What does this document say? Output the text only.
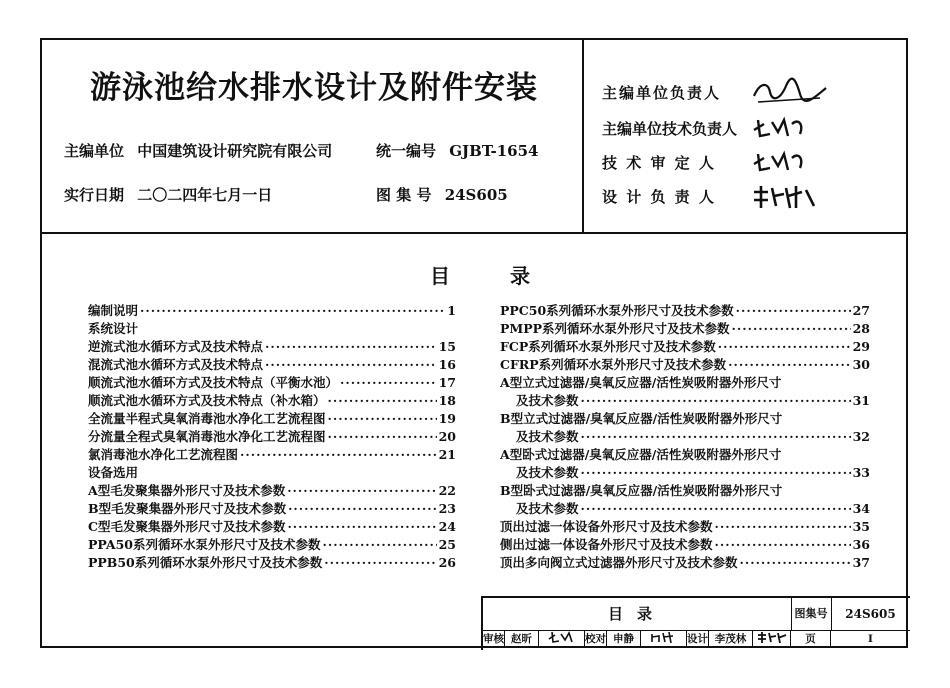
游泳池给水排水设计及附件安装
主编单位 中国建筑设计研究院有限公司	统一编号 GJBT-1654
实行日期 二〇二四年七月一日	图 集 号 24S605
主编单位负责人
主编单位技术负责人
技 术 审 定 人
设 计 负 责 人
目录
编制说明 ·····	1
系统设计
逆流式池水循环方式及技术特点 ·····	15
混流式池水循环方式及技术特点 ·····	16
顺流式池水循环方式及技术特点（平衡水池） ·····	17
顺流式池水循环方式及技术特点（补水箱） ·····	18
全流量半程式臭氧消毒池水净化工艺流程图 ·····	19
分流量全程式臭氧消毒池水净化工艺流程图 ·····	20
氯消毒池水净化工艺流程图 ·····	21
设备选用
A型毛发聚集器外形尺寸及技术参数 ·····	22
B型毛发聚集器外形尺寸及技术参数 ·····	23
C型毛发聚集器外形尺寸及技术参数 ·····	24
PPA50系列循环水泵外形尺寸及技术参数 ·····	25
PPB50系列循环水泵外形尺寸及技术参数 ·····	26
PPC50系列循环水泵外形尺寸及技术参数 ·····	27
PMPP系列循环水泵外形尺寸及技术参数 ·····	28
FCP系列循环水泵外形尺寸及技术参数 ·····	29
CFRP系列循环水泵外形尺寸及技术参数 ·····	30
A型立式过滤器/臭氧反应器/活性炭吸附器外形尺寸
及技术参数 ·····	31
B型立式过滤器/臭氧反应器/活性炭吸附器外形尺寸
及技术参数 ·····	32
A型卧式过滤器/臭氧反应器/活性炭吸附器外形尺寸
及技术参数 ·····	33
B型卧式过滤器/臭氧反应器/活性炭吸附器外形尺寸
及技术参数 ·····	34
顶出过滤一体设备外形尺寸及技术参数 ·····	35
侧出过滤一体设备外形尺寸及技术参数 ·····	36
顶出多向阀立式过滤器外形尺寸及技术参数 ·····	37
目录	图集号	24S605
审核 赵昕	校对 申静	设计 李茂林	页	I
